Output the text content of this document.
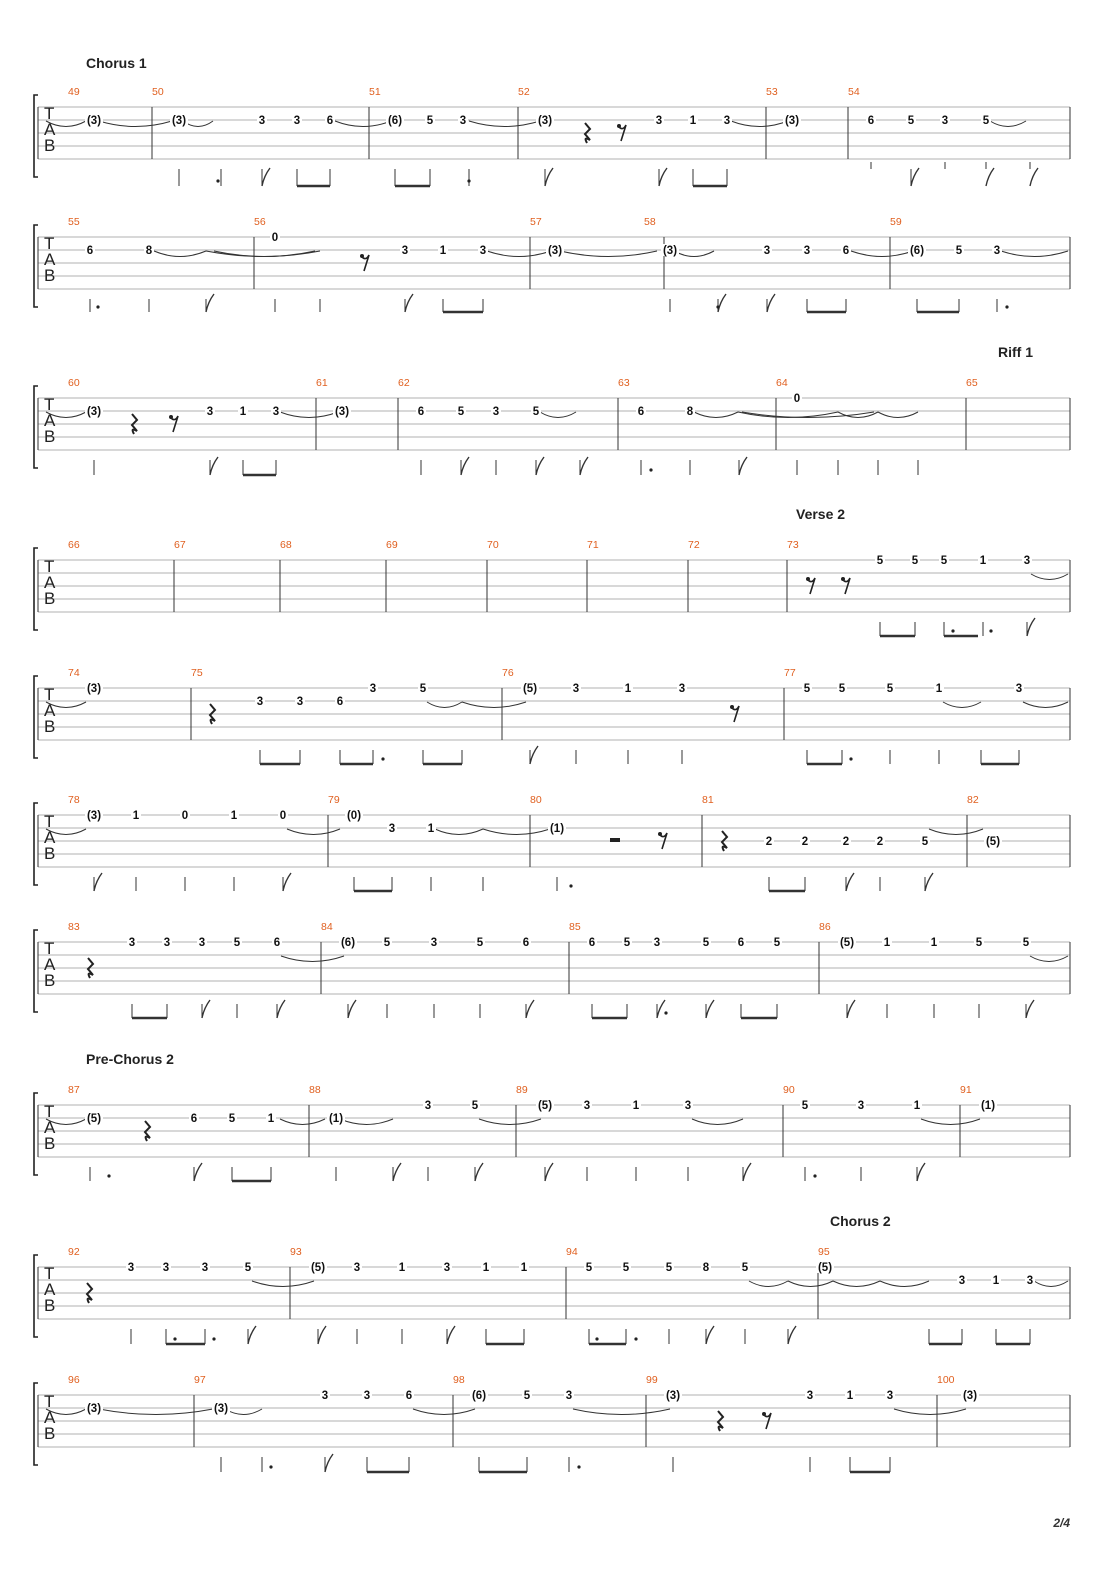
T
A
B
49	50	51	52	53	54
(3)	(3)	3 3 6	(6) 5 3	(3)	3 1 3	(3)	6	5 3	5
T
A
B
55	56	57	58	59
6	8
0
3	1	3	(3)	(3)	3	3	6	(6)	5	3
T
A
B
60	61	62	63	64	65
(3)	3 1 3	(3)	6	5 3	5	6	8
0
T
A
B
66	67	68	69	70	71	72	73
5 5 5	1	3
T
A
B
74	75	76	77
(3)
3	3	6
3	5	(5)	3	1	3	5 5	5	1	3
T
A
B
78	79	80	81	82
(3)	1	0	1	0	(0)
3	1	(1)
2	2	2 2	5	(5)
T
A
B
83	84	85	86
3 3 3 5	6	(6)	5	3	5	6	6 5 3	5 6	5	(5)	1	1	5	5
T
A
B
87	88	89	90	91
(5)	6	5	1	(1)
3	5	(5)	3	1	3	5	3	1	(1)
T
A
B
92	93	94	95
3 3	3	5	(5)	3	1	3	1	1	5	5	5	8	5	(5)
3 1 3
T
A
B
96	97	98	99	100
(3)	(3)
3	3	6	(6)	5	3	(3)	3	1	3	(3)
2/4
Chorus 1
Riff 1
Verse 2
Pre-Chorus 2
Chorus 2
